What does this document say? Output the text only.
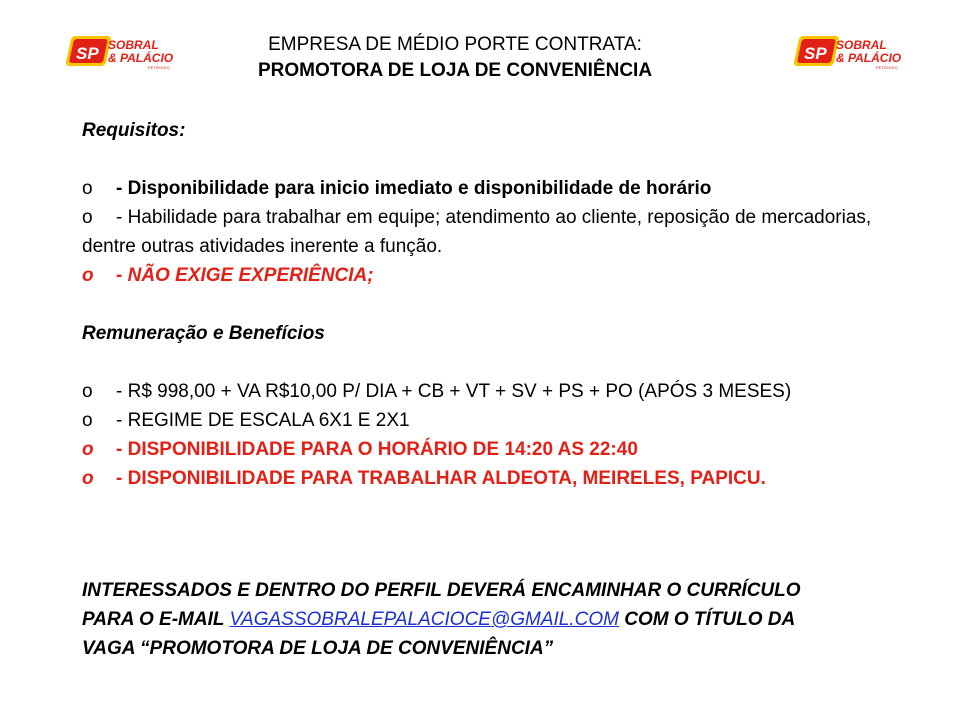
SP SOBRAL
& PALÁCIO
PETROLEO
SP SOBRAL
& PALÁCIO
PETROLEO
EMPRESA DE MÉDIO PORTE CONTRATA:
PROMOTORA DE LOJA DE CONVENIÊNCIA

Requisitos:

o	- Disponibilidade para inicio imediato e disponibilidade de horário

o - Habilidade para trabalhar em equipe; atendimento ao cliente, reposição de mercadorias, dentre outras atividades inerente a função.

o	- NÃO EXIGE EXPERIÊNCIA;

Remuneração e Benefícios

o	- R$ 998,00 + VA R$10,00 P/ DIA + CB + VT + SV + PS + PO (APÓS 3 MESES)
o	- REGIME DE ESCALA 6X1 E 2X1
o	- DISPONIBILIDADE PARA O HORÁRIO DE 14:20 AS 22:40
o	- DISPONIBILIDADE PARA TRABALHAR ALDEOTA, MEIRELES, PAPICU.
INTERESSADOS E DENTRO DO PERFIL DEVERÁ ENCAMINHAR O CURRÍCULO
PARA O E-MAIL VAGASSOBRALEPALACIOCE@GMAIL.COM COM O TÍTULO DA
VAGA “PROMOTORA DE LOJA DE CONVENIÊNCIA”
